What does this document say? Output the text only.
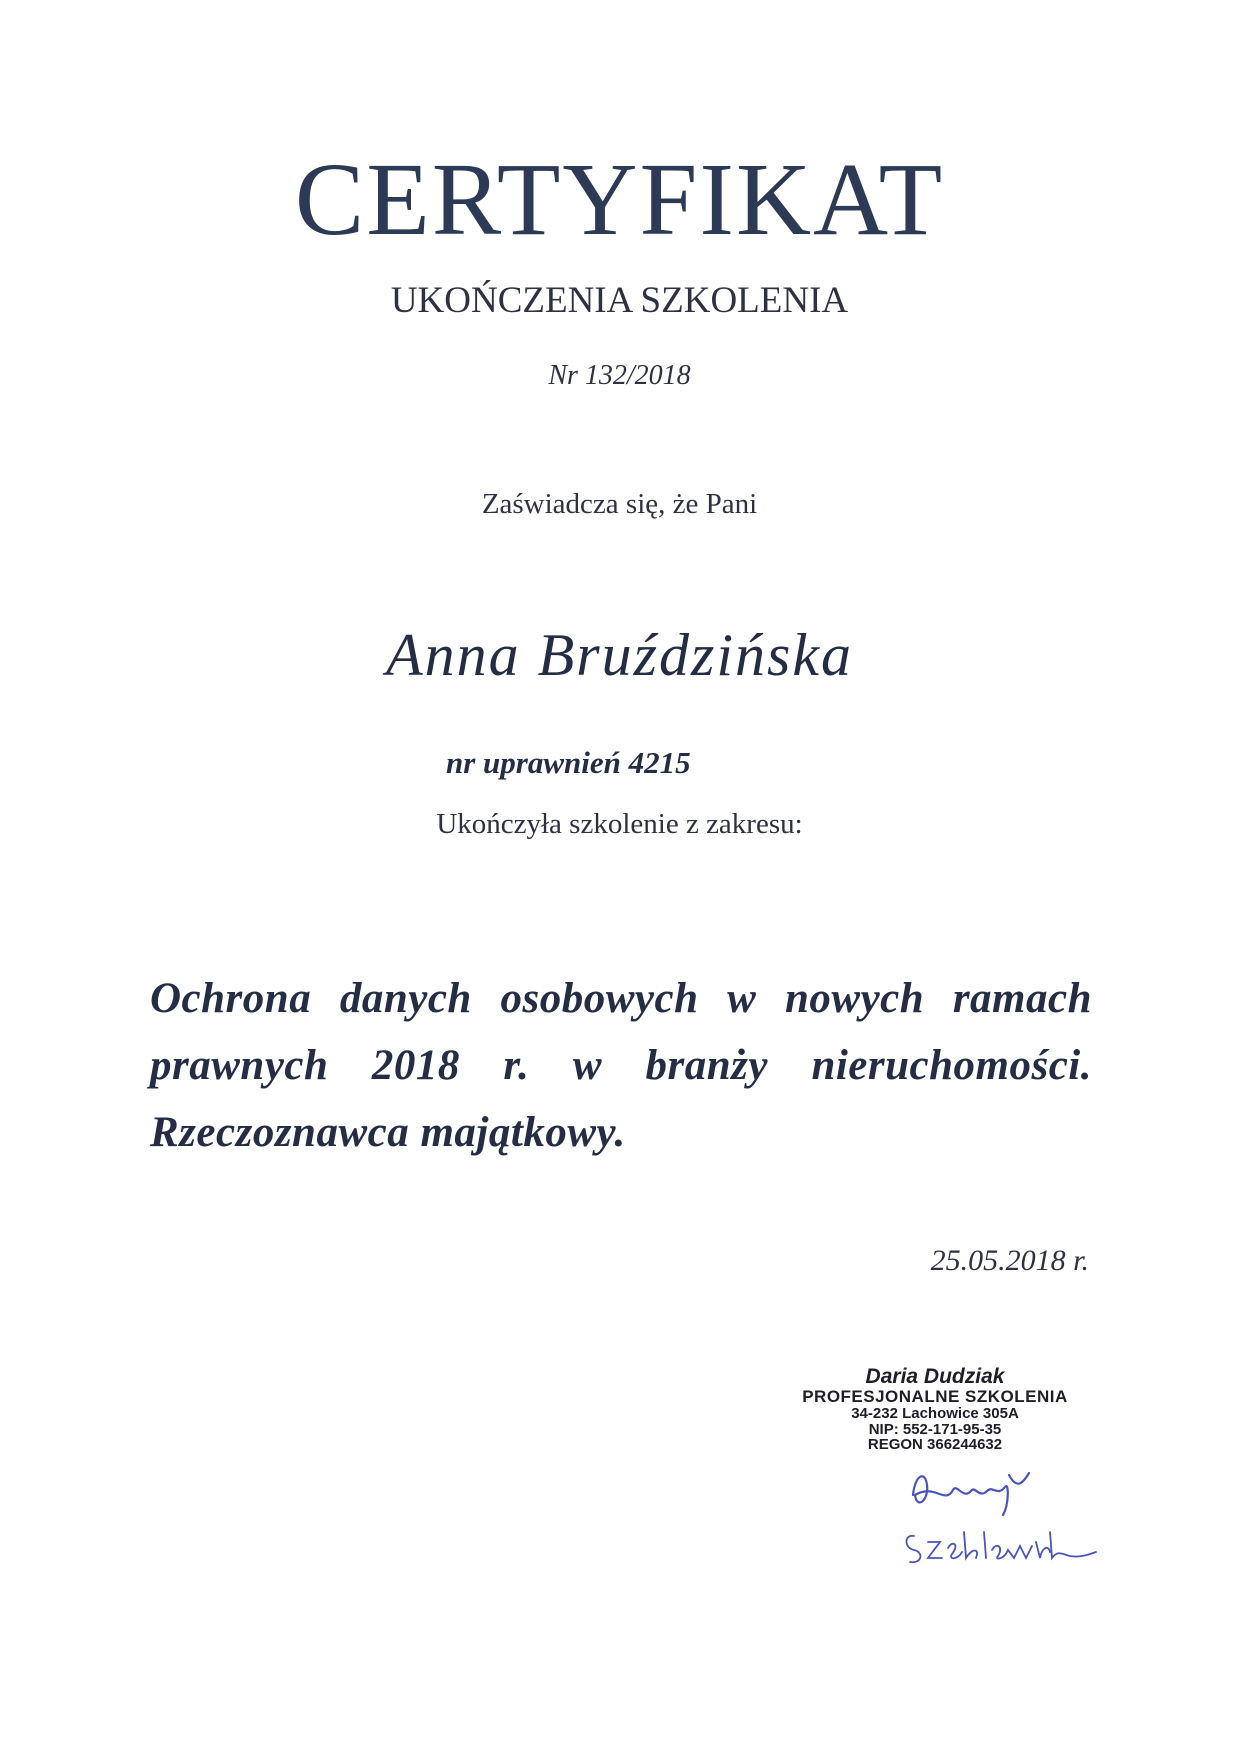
CERTYFIKAT
UKOŃCZENIA SZKOLENIA
Nr 132/2018
Zaświadcza się, że Pani
Anna Bruździńska
nr uprawnień 4215
Ukończyła szkolenie z zakresu:
Ochrona danych osobowych w nowych ramach prawnych 2018 r. w branży nieruchomości. Rzeczoznawca majątkowy.
25.05.2018 r.
Daria Dudziak
PROFESJONALNE SZKOLENIA
34-232 Lachowice 305A
NIP: 552-171-95-35
REGON 366244632
